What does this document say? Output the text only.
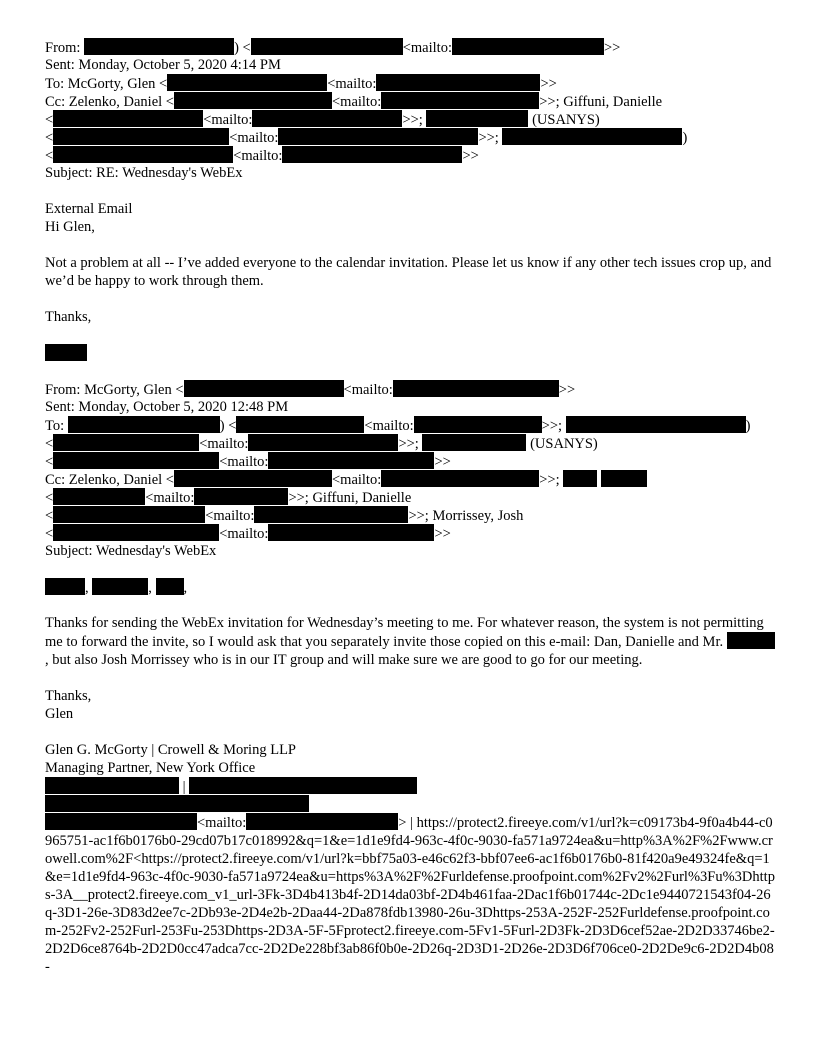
From:	) <	<mailto:	>>
Sent: Monday, October 5, 2020 4:14 PM
To: McGorty, Glen <	<mailto:	>>
Cc: Zelenko, Daniel <	<mailto:	>>; Giffuni, Danielle
<	<mailto:	>>;	(USANYS)
<	<mailto:	>>;	)
<	<mailto:	>>
Subject: RE: Wednesday's WebEx
External Email
Hi Glen,
Not a problem at all -- I’ve added everyone to the calendar invitation. Please let us know if any other tech issues crop up, and we’d be happy to work through them.
Thanks,
From: McGorty, Glen <	<mailto:	>>
Sent: Monday, October 5, 2020 12:48 PM
To:	) <	<mailto:	>>;	)
<	<mailto:	>>;	(USANYS)
<	<mailto:	>>
Cc: Zelenko, Daniel <	<mailto:	>>;
<	<mailto:	>>; Giffuni, Danielle
<	<mailto:	>>; Morrissey, Josh
<	<mailto:	>>
Subject: Wednesday's WebEx
,	, ,
Thanks for sending the WebEx invitation for Wednesday’s meeting to me. For whatever reason, the system is not permitting me to forward the invite, so I would ask that you separately invite those copied on this e-mail: Dan, Danielle and Mr. , but also Josh Morrissey who is in our IT group and will make sure we are good to go for our meeting.
Thanks,
Glen
Glen G. McGorty | Crowell & Moring LLP
Managing Partner, New York Office
|
<mailto:	> | https://protect2.fireeye.com/v1/url?k=c09173b4-9f0a4b44-c0965751-ac1f6b0176b0-29cd07b17c018992&q=1&e=1d1e9fd4-963c-4f0c-9030-fa571a9724ea&u=http%3A%2F%2Fwww.crowell.com%2F<https://protect2.fireeye.com/v1/url?k=bbf75a03-e46c62f3-bbf07ee6-ac1f6b0176b0-81f420a9e49324fe&q=1&e=1d1e9fd4-963c-4f0c-9030-fa571a9724ea&u=https%3A%2F%2Furldefense.proofpoint.com%2Fv2%2Furl%3Fu%3Dhttps-3A__protect2.fireeye.com_v1_url-3Fk-3D4b413b4f-2D14da03bf-2D4b461faa-2Dac1f6b01744c-2Dc1e9440721543f04-26q-3D1-26e-3D83d2ee7c-2Db93e-2D4e2b-2Daa44-2Da878fdb13980-26u-3Dhttps-253A-252F-252Furldefense.proofpoint.com-252Fv2-252Furl-253Fu-253Dhttps-2D3A-5F-5Fprotect2.fireeye.com-5Fv1-5Furl-2D3Fk-2D3D6cef52ae-2D2D33746be2-2D2D6ce8764b-2D2D0cc47adca7cc-2D2De228bf3ab86f0b0e-2D26q-2D3D1-2D26e-2D3D6f706ce0-2D2De9c6-2D2D4b08-
